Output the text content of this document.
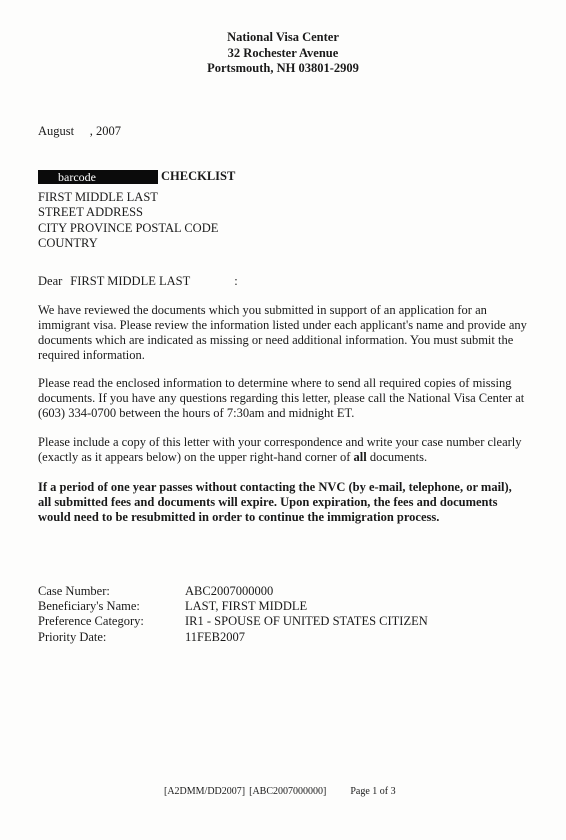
National Visa Center
32 Rochester Avenue
Portsmouth, NH 03801-2909
August     , 2007
barcode	CHECKLIST
FIRST MIDDLE LAST
STREET ADDRESS
CITY PROVINCE POSTAL CODE
COUNTRY
Dear FIRST MIDDLE LAST	:
We have reviewed the documents which you submitted in support of an application for an immigrant visa. Please review the information listed under each applicant's name and provide any documents which are indicated as missing or need additional information. You must submit the required information.
Please read the enclosed information to determine where to send all required copies of missing documents. If you have any questions regarding this letter, please call the National Visa Center at (603) 334-0700 between the hours of 7:30am and midnight ET.
Please include a copy of this letter with your correspondence and write your case number clearly (exactly as it appears below) on the upper right-hand corner of all documents.
If a period of one year passes without contacting the NVC (by e-mail, telephone, or mail), all submitted fees and documents will expire. Upon expiration, the fees and documents would need to be resubmitted in order to continue the immigration process.
Case Number:	ABC2007000000
Beneficiary's Name:	LAST, FIRST MIDDLE
Preference Category:	IR1 - SPOUSE OF UNITED STATES CITIZEN
Priority Date:	11FEB2007
[A2DMM/DD2007] [ABC2007000000] Page 1 of 3
